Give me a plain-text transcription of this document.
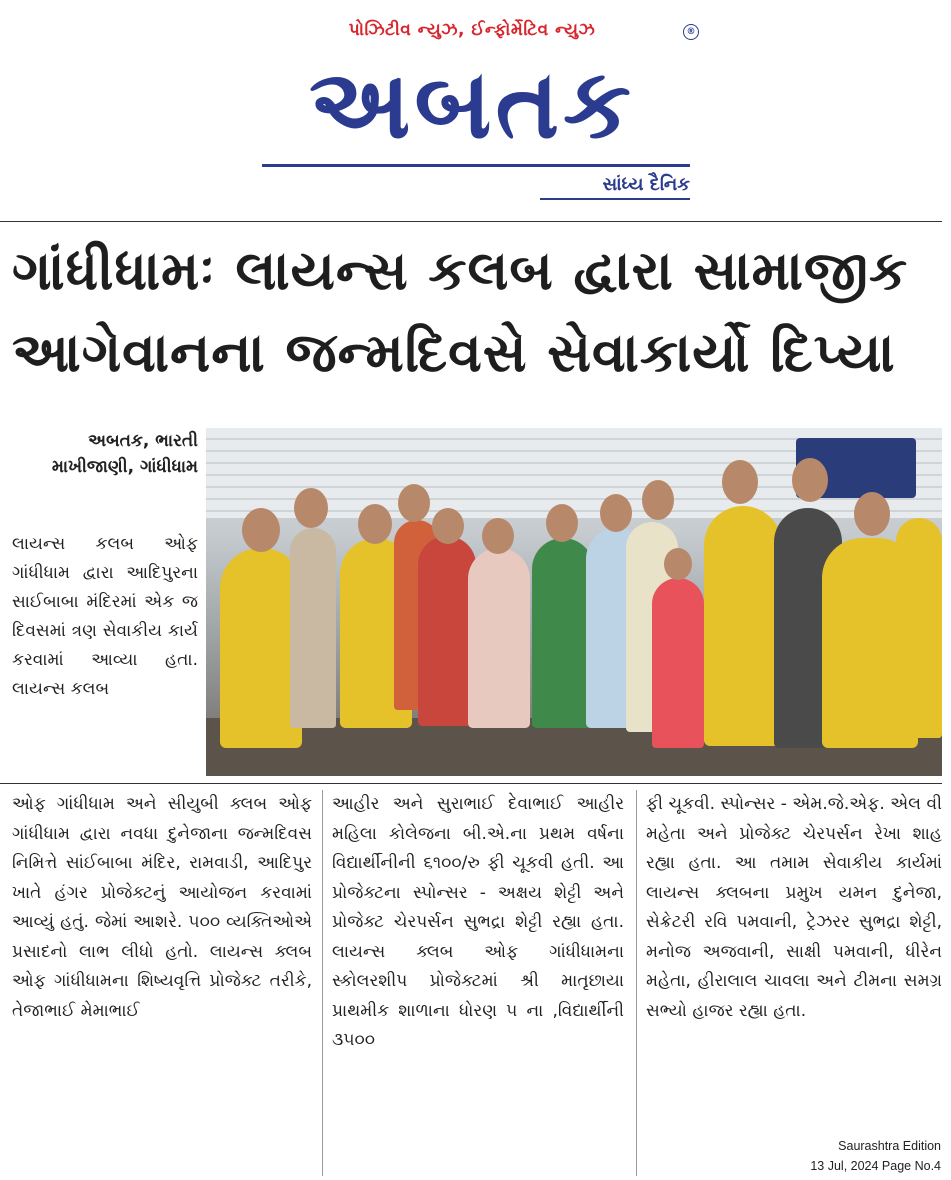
પોઝિટીવ ન્યુઝ, ઈન્ફોર્મેટિવ ન્યુઝ	®
અબતક
સાંધ્ય દૈનિક
ગાંધીધામઃ લાયન્સ કલબ દ્વારા સામાજીક
આગેવાનના જન્મદિવસે સેવાકાર્યો દિપ્યા
અબતક, ભારતી માખીજાણી, ગાંધીધામ
લાયન્સ કલબ ઓફ ગાંધીધામ દ્વારા આદિપુરના સાઈબાબા મંદિરમાં એક જ દિવસમાં ત્રણ સેવાકીય કાર્ય કરવામાં આવ્યા હતા. લાયન્સ કલબ
ઓફ ગાંધીધામ અને સીયુબી ક્લબ ઓફ ગાંધીધામ દ્વારા નવધા દુનેજાના જન્મદિવસ નિમિત્તે સાંઈબાબા મંદિર, રામવાડી, આદિપુર ખાતે હંગર પ્રોજેક્ટનું આયોજન કરવામાં આવ્યું હતું. જેમાં આશરે. ૫૦૦ વ્યક્તિઓએ પ્રસાદનો લાભ લીધો હતો. લાયન્સ ક્લબ ઓફ ગાંધીધામના શિષ્યવૃત્તિ પ્રોજેક્ટ તરીકે, તેજાભાઈ મેમાભાઈ
આહીર અને સુરાભાઈ દેવાભાઈ આહીર મહિલા કોલેજના બી.એ.ના પ્રથમ વર્ષના વિદ્યાર્થીનીની ૬૧૦૦/રુ ફી ચૂકવી હતી. આ પ્રોજેક્ટના સ્પોન્સર - અક્ષય શેટ્ટી અને પ્રોજેક્ટ ચેરપર્સન સુભદ્રા શેટ્ટી રહ્યા હતા. લાયન્સ ક્લબ ઓફ ગાંધીધામના સ્કોલરશીપ પ્રોજેક્ટમાં શ્રી માતૃછાયા પ્રાથમીક શાળાના ધોરણ ૫ ના ,વિદ્યાર્થીની ૩૫૦૦
ફી ચૂકવી. સ્પોન્સર - એમ.જે.એફ. એલ વી મહેતા અને પ્રોજેક્ટ ચેરપર્સન રેખા શાહ રહ્યા હતા. આ તમામ સેવાકીય કાર્યમાં લાયન્સ ક્લબના પ્રમુખ યમન દુનેજા, સેક્રેટરી રવિ પમવાની, ટ્રેઝરર સુભદ્રા શેટ્ટી, મનોજ અજવાની, સાક્ષી પમવાની, ધીરેન મહેતા, હીરાલાલ ચાવલા અને ટીમના સમગ્ર સભ્યો હાજર રહ્યા હતા.
Saurashtra Edition
13 Jul, 2024 Page No.4
